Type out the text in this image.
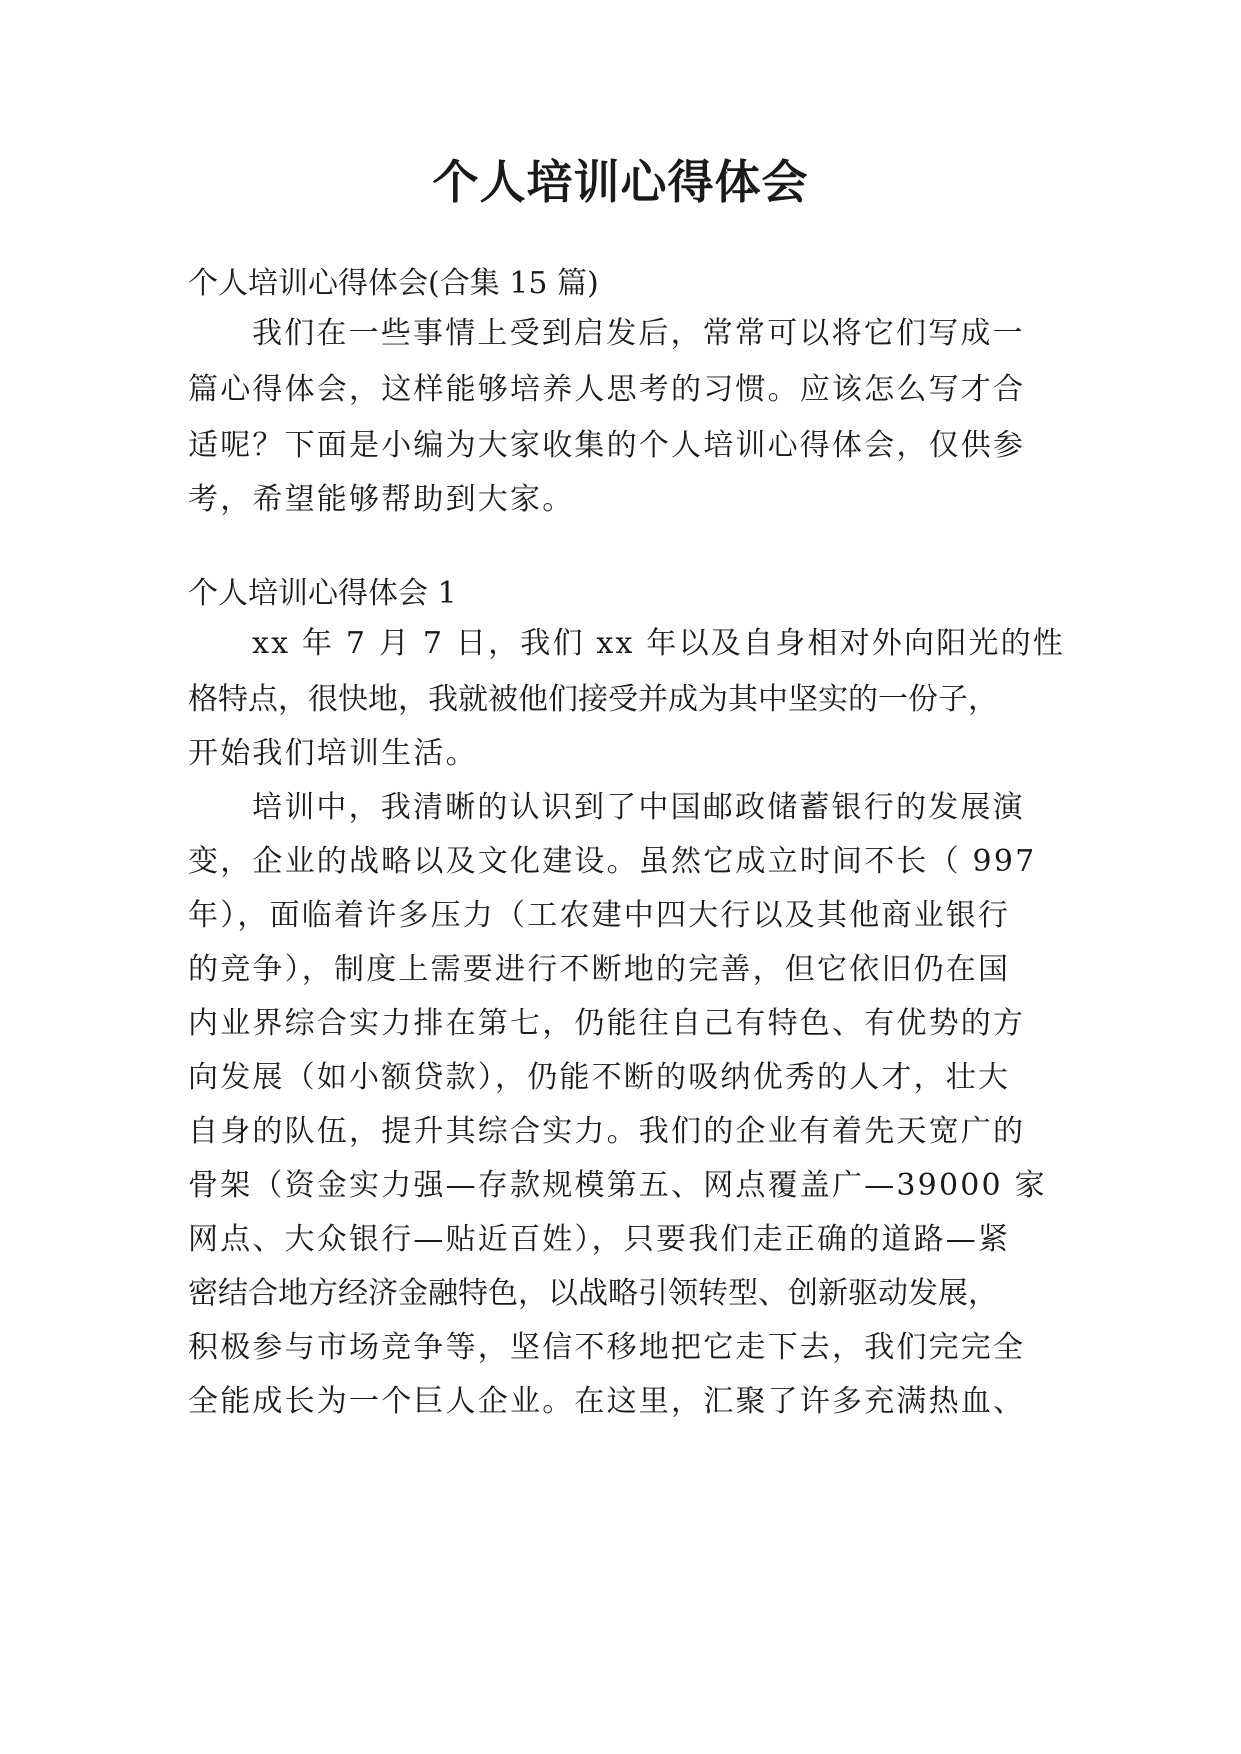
个人培训心得体会

个人培训心得体会(合集 15 篇)

我们在一些事情上受到启发后，常常可以将它们写成一

篇心得体会，这样能够培养人思考的习惯。应该怎么写才合

适呢？下面是小编为大家收集的个人培训心得体会，仅供参

考，希望能够帮助到大家。

个人培训心得体会 1

xx 年 7 月 7 日，我们 xx 年以及自身相对外向阳光的性

格特点，很快地，我就被他们接受并成为其中坚实的一份子，

开始我们培训生活。

培训中，我清晰的认识到了中国邮政储蓄银行的发展演

变，企业的战略以及文化建设。虽然它成立时间不长（ 997

年），面临着许多压力（工农建中四大行以及其他商业银行

的竞争），制度上需要进行不断地的完善，但它依旧仍在国

内业界综合实力排在第七，仍能往自己有特色、有优势的方

向发展（如小额贷款），仍能不断的吸纳优秀的人才，壮大

自身的队伍，提升其综合实力。我们的企业有着先天宽广的

骨架（资金实力强—存款规模第五、网点覆盖广—39000 家

网点、大众银行—贴近百姓），只要我们走正确的道路—紧

密结合地方经济金融特色，以战略引领转型、创新驱动发展，

积极参与市场竞争等，坚信不移地把它走下去，我们完完全

全能成长为一个巨人企业。在这里，汇聚了许多充满热血、
